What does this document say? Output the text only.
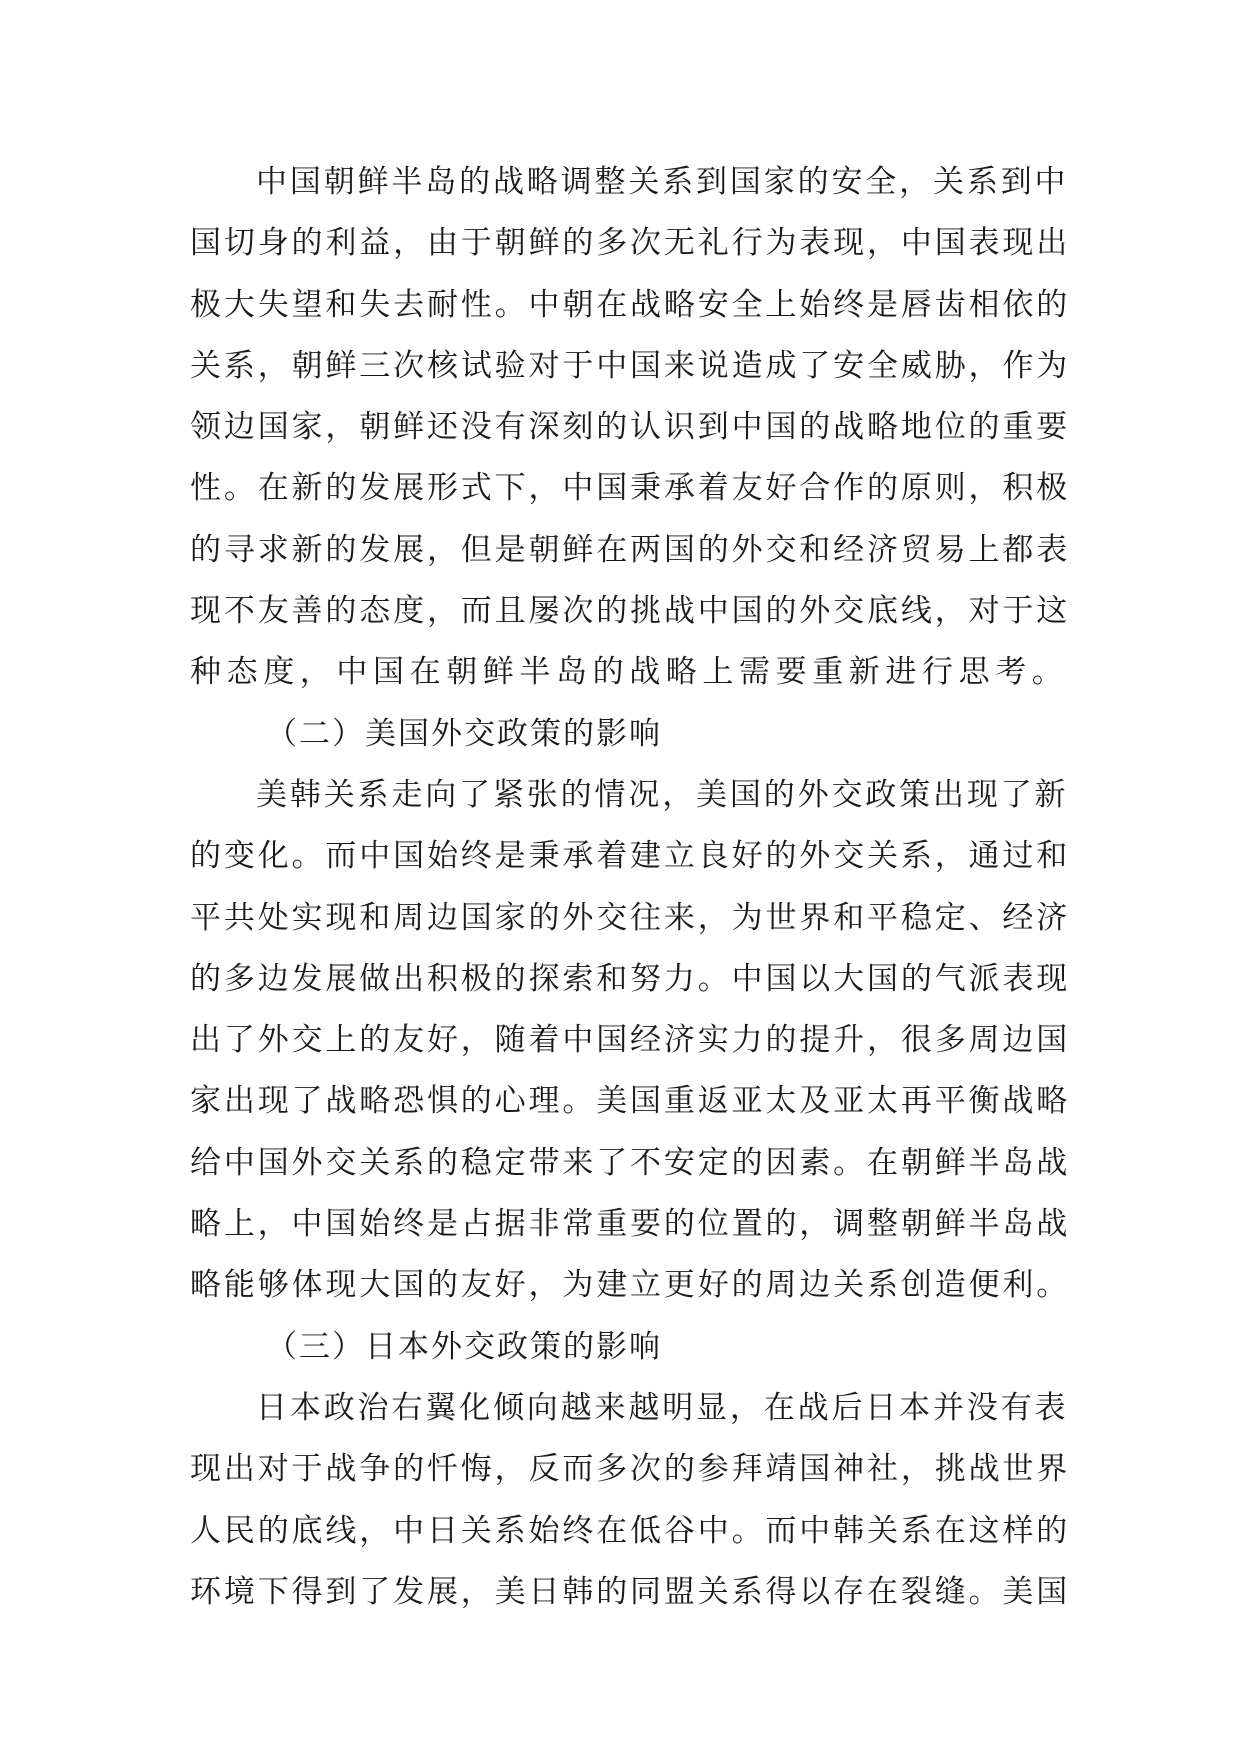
中国朝鲜半岛的战略调整关系到国家的安全，关系到中
国切身的利益，由于朝鲜的多次无礼行为表现，中国表现出
极大失望和失去耐性。中朝在战略安全上始终是唇齿相依的
关系，朝鲜三次核试验对于中国来说造成了安全威胁，作为
领边国家，朝鲜还没有深刻的认识到中国的战略地位的重要
性。在新的发展形式下，中国秉承着友好合作的原则，积极
的寻求新的发展，但是朝鲜在两国的外交和经济贸易上都表
现不友善的态度，而且屡次的挑战中国的外交底线，对于这
种态度，中国在朝鲜半岛的战略上需要重新进行思考。
（二）美国外交政策的影响
美韩关系走向了紧张的情况，美国的外交政策出现了新
的变化。而中国始终是秉承着建立良好的外交关系，通过和
平共处实现和周边国家的外交往来，为世界和平稳定、经济
的多边发展做出积极的探索和努力。中国以大国的气派表现
出了外交上的友好，随着中国经济实力的提升，很多周边国
家出现了战略恐惧的心理。美国重返亚太及亚太再平衡战略
给中国外交关系的稳定带来了不安定的因素。在朝鲜半岛战
略上，中国始终是占据非常重要的位置的，调整朝鲜半岛战
略能够体现大国的友好，为建立更好的周边关系创造便利。
（三）日本外交政策的影响
日本政治右翼化倾向越来越明显，在战后日本并没有表
现出对于战争的忏悔，反而多次的参拜靖国神社，挑战世界
人民的底线，中日关系始终在低谷中。而中韩关系在这样的
环境下得到了发展，美日韩的同盟关系得以存在裂缝。美国
